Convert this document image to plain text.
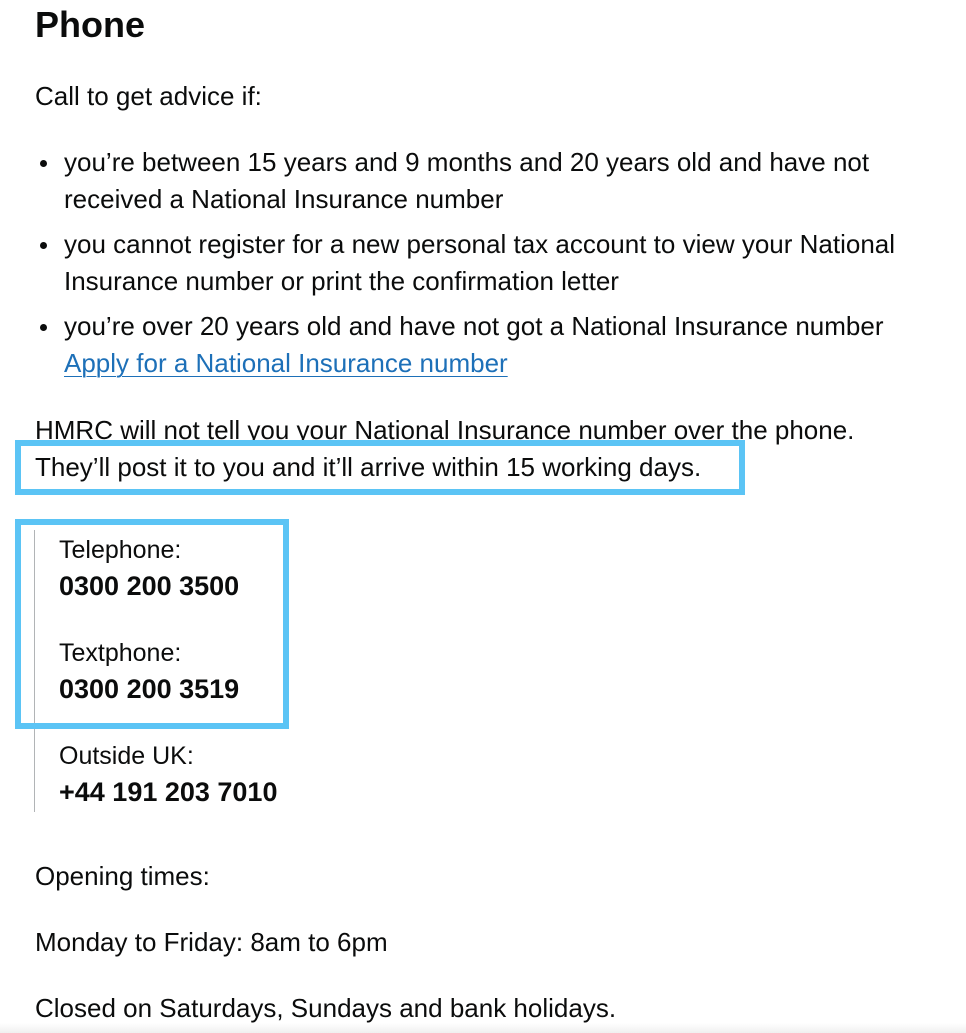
Phone

Call to get advice if:

you’re between 15 years and 9 months and 20 years old and have not
received a National Insurance number
you cannot register for a new personal tax account to view your National
Insurance number or print the confirmation letter
you’re over 20 years old and have not got a National Insurance number
Apply for a National Insurance number

HMRC will not tell you your National Insurance number over the phone.

They’ll post it to you and it’ll arrive within 15 working days.

Telephone:
0300 200 3500
Textphone:
0300 200 3519
Outside UK:
+44 191 203 7010

Opening times:

Monday to Friday: 8am to 6pm

Closed on Saturdays, Sundays and bank holidays.
